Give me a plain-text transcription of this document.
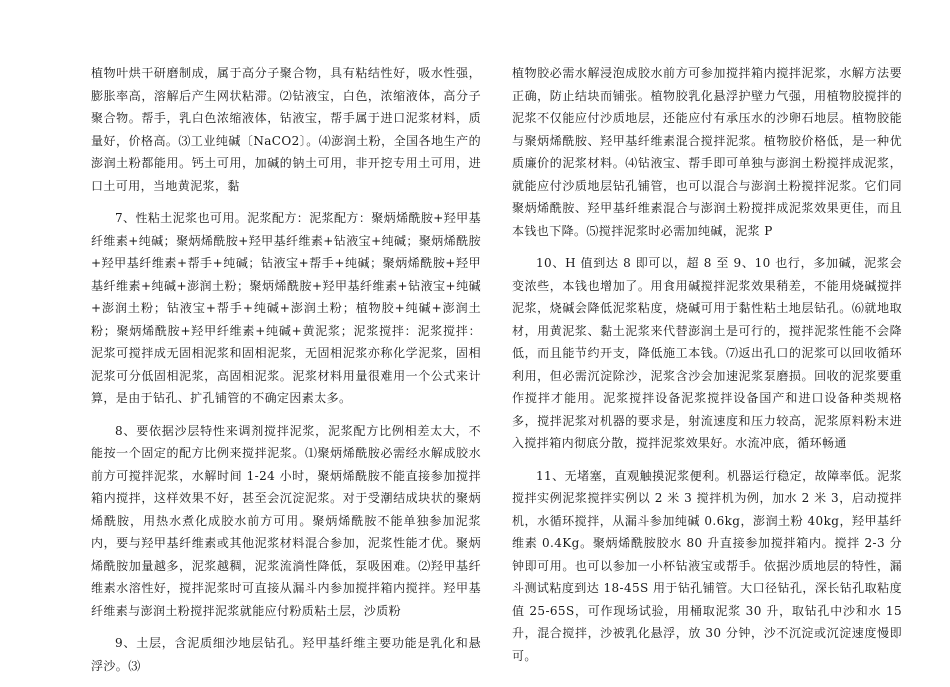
植物叶烘干研磨制成，属于高分子聚合物，具有粘结性好，吸水性强，膨胀率高，溶解后产生网状粘滞。⑵钻液宝，白色，浓缩液体，高分子聚合物。帮手，乳白色浓缩液体，钻液宝，帮手属于进口泥浆材料，质量好，价格高。⑶工业纯碱〔NaCO2〕。⑷澎润土粉，全国各地生产的澎润土粉都能用。钙土可用，加碱的钠土可用，非开挖专用土可用，进口土可用，当地黄泥浆，黏

7、性粘土泥浆也可用。泥浆配方：泥浆配方：聚炳烯酰胺+羟甲基纤维素+纯碱；聚炳烯酰胺+羟甲基纤维素+钻液宝+纯碱；聚炳烯酰胺+羟甲基纤维素+帮手+纯碱；钻液宝+帮手+纯碱；聚炳烯酰胺+羟甲基纤维素+纯碱+澎润土粉；聚炳烯酰胺+羟甲基纤维素+钻液宝+纯碱+澎润土粉；钻液宝+帮手+纯碱+澎润土粉；植物胶+纯碱+澎润土粉；聚炳烯酰胺+羟甲纤维素+纯碱+黄泥浆；泥浆搅拌：泥浆搅拌：泥浆可搅拌成无固相泥浆和固相泥浆，无固相泥浆亦称化学泥浆，固相泥浆可分低固相泥浆，高固相泥浆。泥浆材料用量很难用一个公式来计算，是由于钻孔、扩孔铺管的不确定因素太多。

8、要依据沙层特性来调剂搅拌泥浆，泥浆配方比例相差太大，不能按一个固定的配方比例来搅拌泥浆。⑴聚炳烯酰胺必需经水解成胶水前方可搅拌泥浆，水解时间 1-24 小时，聚炳烯酰胺不能直接参加搅拌箱内搅拌，这样效果不好，甚至会沉淀泥浆。对于受潮结成块状的聚炳烯酰胺，用热水煮化成胶水前方可用。聚炳烯酰胺不能单独参加泥浆内，要与羟甲基纤维素或其他泥浆材料混合参加，泥浆性能才优。聚炳烯酰胺加量越多，泥浆越稠，泥浆流淌性降低，泵吸困难。⑵羟甲基纤维素水溶性好，搅拌泥浆时可直接从漏斗内参加搅拌箱内搅拌。羟甲基纤维素与澎润土粉搅拌泥浆就能应付粉质粘土层，沙质粉

9、土层，含泥质细沙地层钻孔。羟甲基纤维主要功能是乳化和悬浮沙。⑶

植物胶必需水解浸泡成胶水前方可参加搅拌箱内搅拌泥浆，水解方法要正确，防止结块而铺张。植物胶乳化悬浮护壁力气强，用植物胶搅拌的泥浆不仅能应付沙质地层，还能应付有承压水的沙卵石地层。植物胶能与聚炳烯酰胺、羟甲基纤维素混合搅拌泥浆。植物胶价格低，是一种优质廉价的泥浆材料。⑷钻液宝、帮手即可单独与澎润土粉搅拌成泥浆，就能应付沙质地层钻孔铺管，也可以混合与澎润土粉搅拌泥浆。它们同聚炳烯酰胺、羟甲基纤维素混合与澎润土粉搅拌成泥浆效果更佳，而且本钱也下降。⑸搅拌泥浆时必需加纯碱，泥浆 P

10、H 值到达 8 即可以，超 8 至 9、10 也行，多加碱，泥浆会变浓些，本钱也增加了。用食用碱搅拌泥浆效果稍差，不能用烧碱搅拌泥浆，烧碱会降低泥浆粘度，烧碱可用于黏性粘土地层钻孔。⑹就地取材，用黄泥浆、黏土泥浆来代替澎润土是可行的，搅拌泥浆性能不会降低，而且能节约开支，降低施工本钱。⑺返出孔口的泥浆可以回收循环利用，但必需沉淀除沙，泥浆含沙会加速泥浆泵磨损。回收的泥浆要重作搅拌才能用。泥浆搅拌设备泥浆搅拌设备国产和进口设备种类规格多，搅拌泥浆对机器的要求是，射流速度和压力较高，泥浆原料粉末进入搅拌箱内彻底分散，搅拌泥浆效果好。水流冲底，循环畅通

11、无堵塞，直观触摸泥浆便利。机器运行稳定，故障率低。泥浆搅拌实例泥浆搅拌实例以 2 米 3 搅拌机为例，加水 2 米 3，启动搅拌机，水循环搅拌，从漏斗参加纯碱 0.6kg，澎润土粉 40kg，羟甲基纤维素 0.4Kg。聚炳烯酰胺胶水 80 升直接参加搅拌箱内。搅拌 2-3 分钟即可用。也可以参加一小杯钻液宝或帮手。依据沙质地层的特性，漏斗测试粘度到达 18-45S 用于钻孔铺管。大口径钻孔，深长钻孔取粘度值 25-65S，可作现场试验，用桶取泥浆 30 升，取钻孔中沙和水 15 升，混合搅拌，沙被乳化悬浮，放 30 分钟，沙不沉淀或沉淀速度慢即可。
